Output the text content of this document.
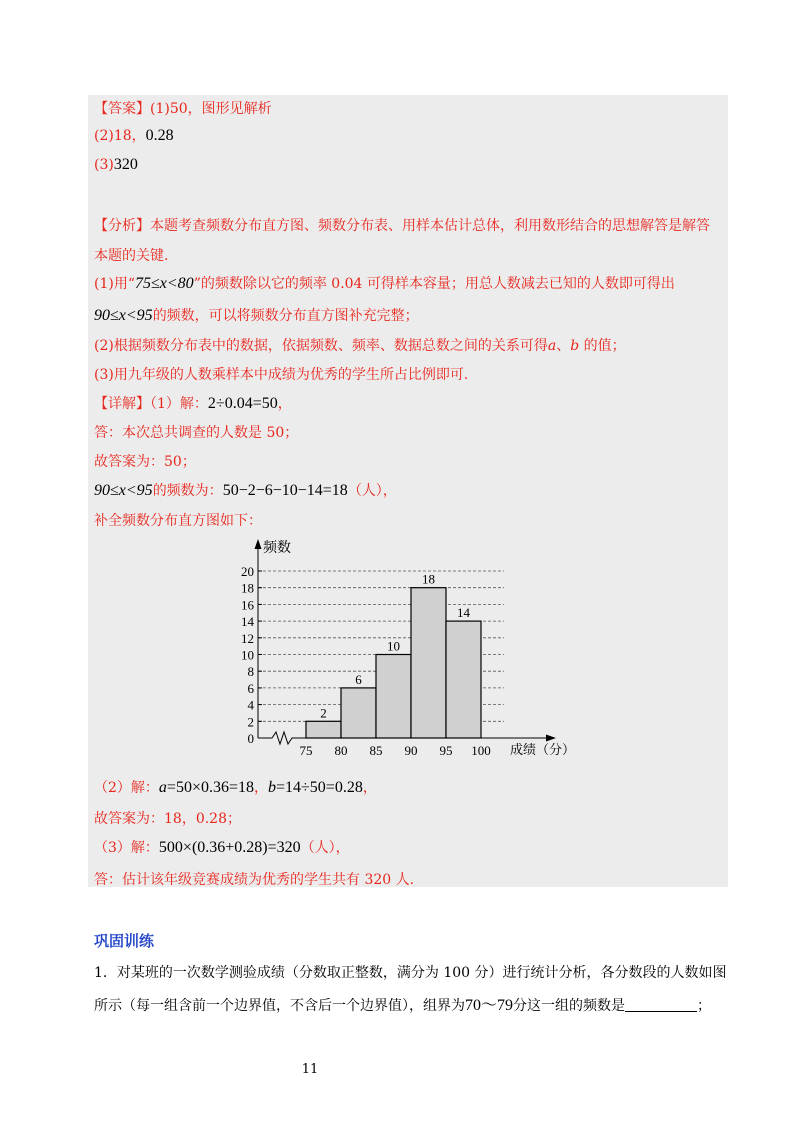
【答案】(1)50，图形见解析
(2)18，0.28
(3)320
【分析】本题考查频数分布直方图、频数分布表、用样本估计总体，利用数形结合的思想解答是解答
本题的关键.
(1)用“75≤x<80”的频数除以它的频率 0.04 可得样本容量；用总人数减去已知的人数即可得出
90≤x<95的频数，可以将频数分布直方图补充完整；
(2)根据频数分布表中的数据，依据频数、频率、数据总数之间的关系可得a、b 的值；
(3)用九年级的人数乘样本中成绩为优秀的学生所占比例即可.
【详解】（1）解：2÷0.04=50，
答：本次总共调查的人数是 50；
故答案为：50；
90≤x<95的频数为：50−2−6−10−14=18（人），
补全频数分布直方图如下：
频数
成绩（分）
0
2
4
6
8
10
12
14
16
18
20
75 80 85 90 95 100
2
6
10
18
14
（2）解：a=50×0.36=18，b=14÷50=0.28，
故答案为：18，0.28；
（3）解：500×(0.36+0.28)=320（人），
答：估计该年级竞赛成绩为优秀的学生共有 320 人.
巩固训练
1．对某班的一次数学测验成绩（分数取正整数，满分为 100 分）进行统计分析，各分数段的人数如图
所示（每一组含前一个边界值，不含后一个边界值），组界为70～79分这一组的频数是	；
11
